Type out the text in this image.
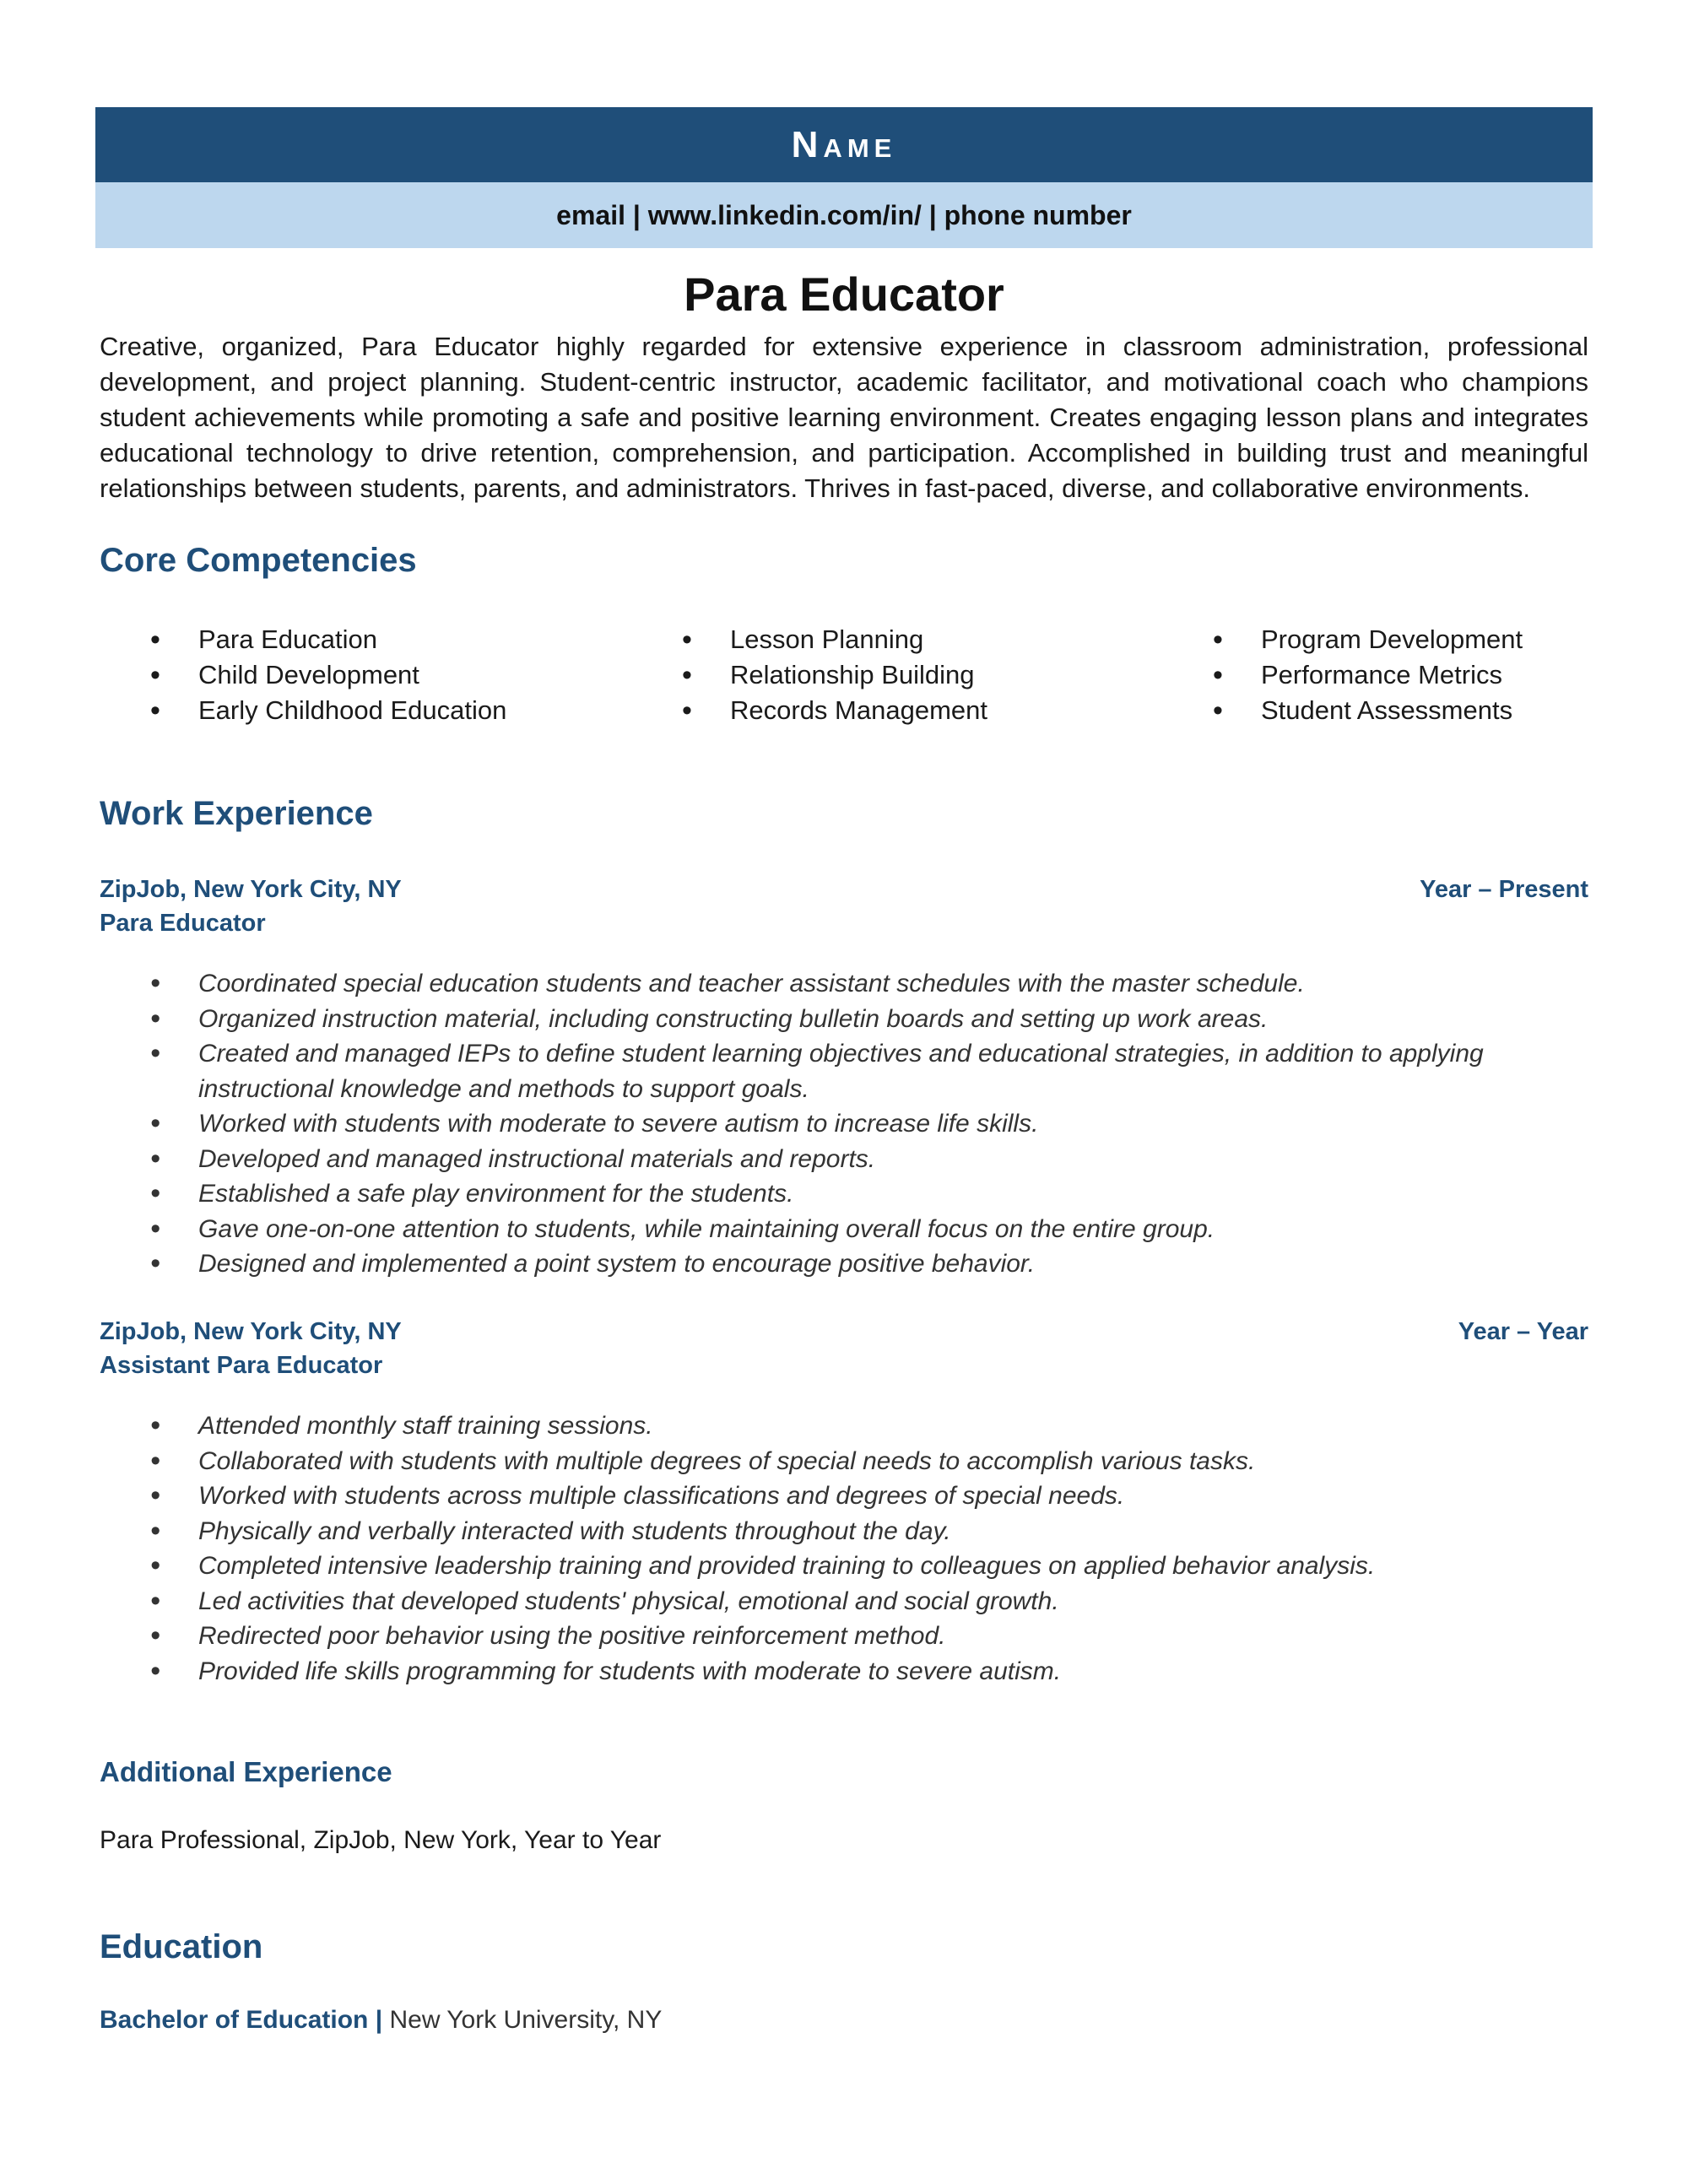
Name
email | www.linkedin.com/in/ | phone number
Para Educator
Creative, organized, Para Educator highly regarded for extensive experience in classroom administration, professional development, and project planning. Student-centric instructor, academic facilitator, and motivational coach who champions student achievements while promoting a safe and positive learning environment. Creates engaging lesson plans and integrates educational technology to drive retention, comprehension, and participation. Accomplished in building trust and meaningful relationships between students, parents, and administrators. Thrives in fast-paced, diverse, and collaborative environments.
Core Competencies
• Para Education
• Child Development
• Early Childhood Education
• Lesson Planning
• Relationship Building
• Records Management
• Program Development
• Performance Metrics
• Student Assessments
Work Experience
ZipJob, New York City, NY	Year – Present
Para Educator
• Coordinated special education students and teacher assistant schedules with the master schedule.
• Organized instruction material, including constructing bulletin boards and setting up work areas.
• Created and managed IEPs to define student learning objectives and educational strategies, in addition to applying instructional knowledge and methods to support goals.
• Worked with students with moderate to severe autism to increase life skills.
• Developed and managed instructional materials and reports.
• Established a safe play environment for the students.
• Gave one-on-one attention to students, while maintaining overall focus on the entire group.
• Designed and implemented a point system to encourage positive behavior.
ZipJob, New York City, NY	Year – Year
Assistant Para Educator
• Attended monthly staff training sessions.
• Collaborated with students with multiple degrees of special needs to accomplish various tasks.
• Worked with students across multiple classifications and degrees of special needs.
• Physically and verbally interacted with students throughout the day.
• Completed intensive leadership training and provided training to colleagues on applied behavior analysis.
• Led activities that developed students' physical, emotional and social growth.
• Redirected poor behavior using the positive reinforcement method.
• Provided life skills programming for students with moderate to severe autism.
Additional Experience
Para Professional, ZipJob, New York, Year to Year
Education
Bachelor of Education | New York University, NY
